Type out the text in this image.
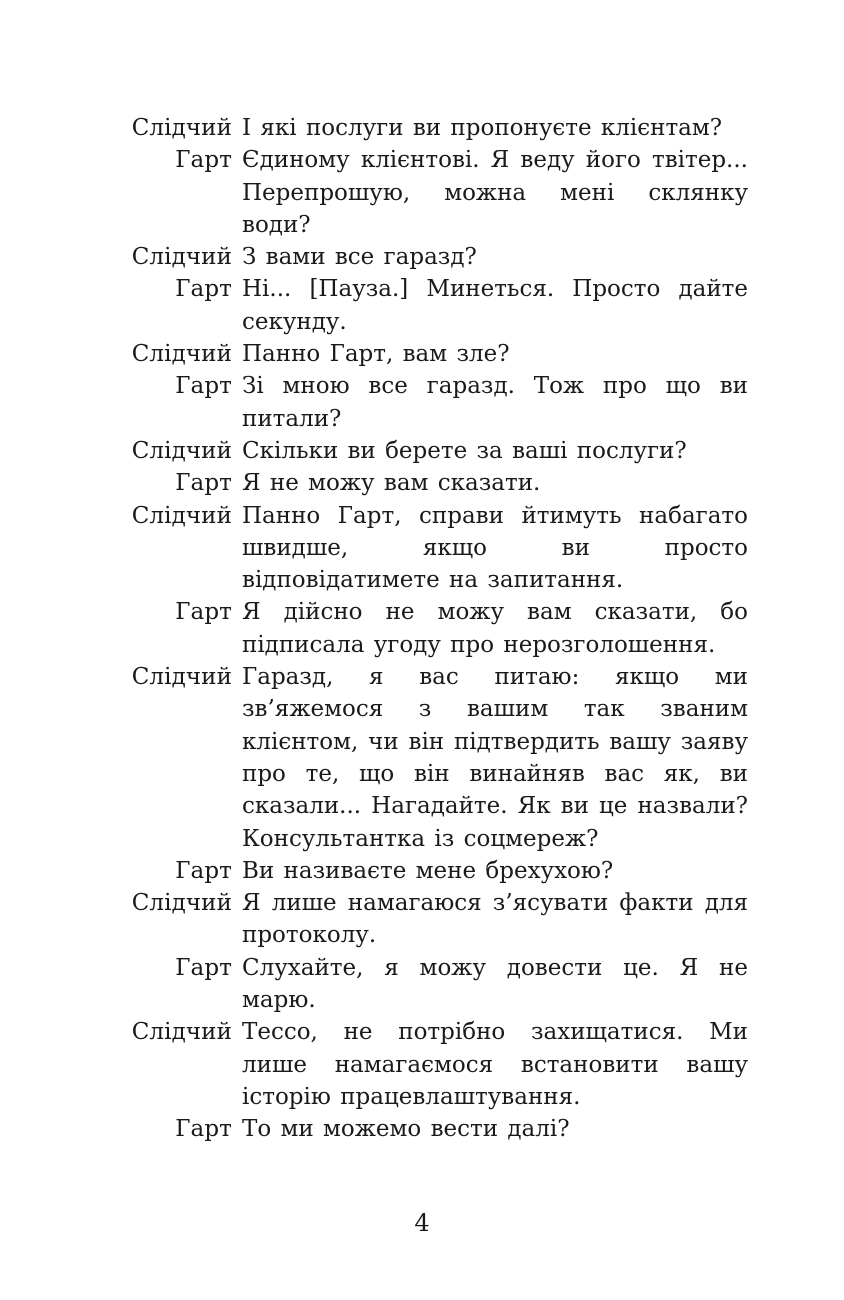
Слідчий І які послуги ви пропонуєте клієнтам?
Гарт Єдиному клієнтові. Я веду його твітер... Перепрошую, можна мені склянку води?
Слідчий З вами все гаразд?
Гарт Ні... [Пауза.] Минеться. Просто дайте секунду.
Слідчий Панно Гарт, вам зле?
Гарт Зі мною все гаразд. Тож про що ви питали?
Слідчий Скільки ви берете за ваші послуги?
Гарт Я не можу вам сказати.
Слідчий Панно Гарт, справи йтимуть набагато швидше, якщо ви просто відповідатимете на запитання.
Гарт Я дійсно не можу вам сказати, бо підписала угоду про нерозголошення.
Слідчий Гаразд, я вас питаю: якщо ми зв’яжемося з вашим так званим клієнтом, чи він підтвердить вашу заяву про те, що він винайняв вас як, ви сказали... Нагадайте. Як ви це назвали? Консультантка із соцмереж?
Гарт Ви називаєте мене брехухою?
Слідчий Я лише намагаюся з’ясувати факти для протоколу.
Гарт Слухайте, я можу довести це. Я не марю.
Слідчий Тессо, не потрібно захищатися. Ми лише намагаємося встановити вашу історію працевлаштування.
Гарт То ми можемо вести далі?
4
